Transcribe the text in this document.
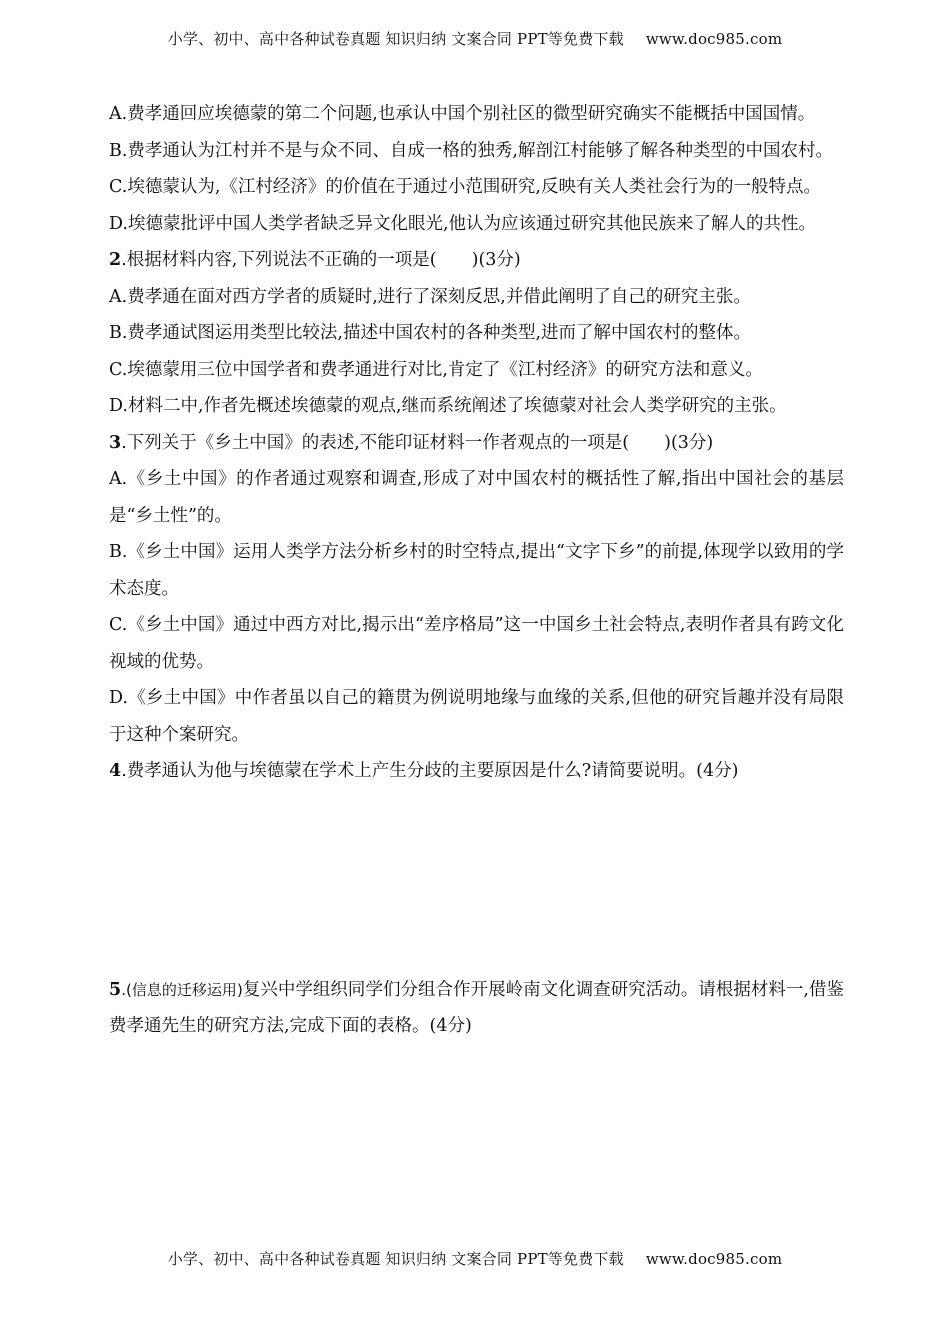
小学、初中、高中各种试卷真题 知识归纳 文案合同 PPT等免费下载 www.doc985.com

A.费孝通回应埃德蒙的第二个问题,也承认中国个别社区的微型研究确实不能概括中国国情。

B.费孝通认为江村并不是与众不同、自成一格的独秀,解剖江村能够了解各种类型的中国农村。

C.埃德蒙认为,《江村经济》的价值在于通过小范围研究,反映有关人类社会行为的一般特点。

D.埃德蒙批评中国人类学者缺乏异文化眼光,他认为应该通过研究其他民族来了解人的共性。

2.根据材料内容,下列说法不正确的一项是(　　)(3分)

A.费孝通在面对西方学者的质疑时,进行了深刻反思,并借此阐明了自己的研究主张。

B.费孝通试图运用类型比较法,描述中国农村的各种类型,进而了解中国农村的整体。

C.埃德蒙用三位中国学者和费孝通进行对比,肯定了《江村经济》的研究方法和意义。

D.材料二中,作者先概述埃德蒙的观点,继而系统阐述了埃德蒙对社会人类学研究的主张。

3.下列关于《乡土中国》的表述,不能印证材料一作者观点的一项是(　　)(3分)

A.《乡土中国》的作者通过观察和调查,形成了对中国农村的概括性了解,指出中国社会的基层是“乡土性”的。

B.《乡土中国》运用人类学方法分析乡村的时空特点,提出“文字下乡”的前提,体现学以致用的学术态度。

C.《乡土中国》通过中西方对比,揭示出“差序格局”这一中国乡土社会特点,表明作者具有跨文化视域的优势。

D.《乡土中国》中作者虽以自己的籍贯为例说明地缘与血缘的关系,但他的研究旨趣并没有局限于这种个案研究。

4.费孝通认为他与埃德蒙在学术上产生分歧的主要原因是什么?请简要说明。(4分)

5.(信息的迁移运用)复兴中学组织同学们分组合作开展岭南文化调查研究活动。请根据材料一,借鉴费孝通先生的研究方法,完成下面的表格。(4分)

小学、初中、高中各种试卷真题 知识归纳 文案合同 PPT等免费下载 www.doc985.com
